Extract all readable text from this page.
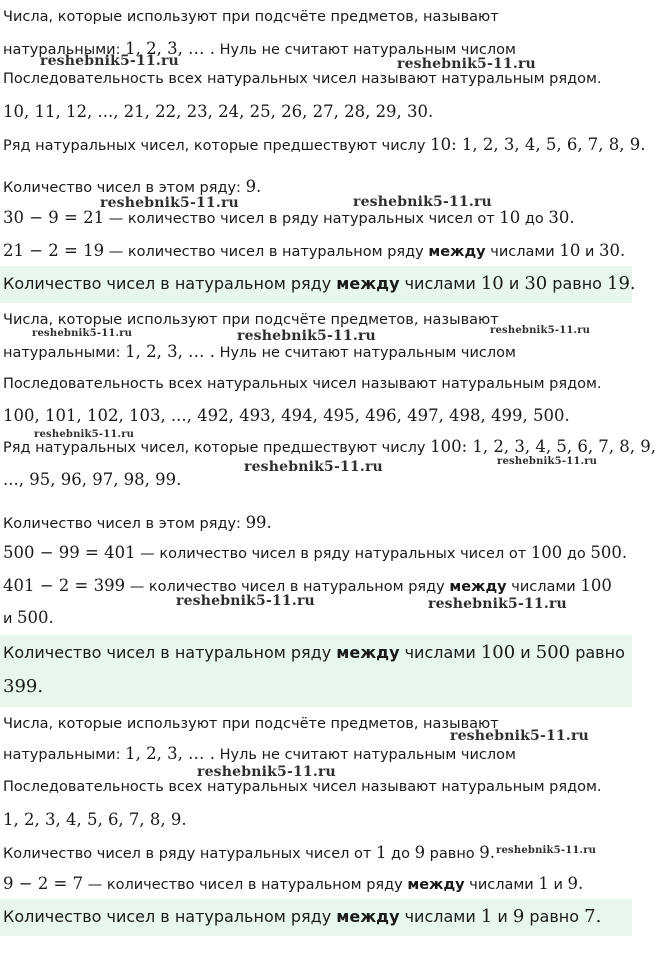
Числа, которые используют при подсчёте предметов, называют
натуральными: 1, 2, 3, … . Нуль не считают натуральным числом
Последовательность всех натуральных чисел называют натуральным рядом.
10, 11, 12, ..., 21, 22, 23, 24, 25, 26, 27, 28, 29, 30.
Ряд натуральных чисел, которые предшествуют числу 10: 1, 2, 3, 4, 5, 6, 7, 8, 9.
Количество чисел в этом ряду: 9.
30 − 9 = 21 — количество чисел в ряду натуральных чисел от 10 до 30.
21 − 2 = 19 — количество чисел в натуральном ряду между числами 10 и 30.
Количество чисел в натуральном ряду между числами 10 и 30 равно 19.
Числа, которые используют при подсчёте предметов, называют
натуральными: 1, 2, 3, … . Нуль не считают натуральным числом
Последовательность всех натуральных чисел называют натуральным рядом.
100, 101, 102, 103, ..., 492, 493, 494, 495, 496, 497, 498, 499, 500.
Ряд натуральных чисел, которые предшествуют числу 100: 1, 2, 3, 4, 5, 6, 7, 8, 9,
..., 95, 96, 97, 98, 99.
Количество чисел в этом ряду: 99.
500 − 99 = 401 — количество чисел в ряду натуральных чисел от 100 до 500.
401 − 2 = 399 — количество чисел в натуральном ряду между числами 100
и 500.
Количество чисел в натуральном ряду между числами 100 и 500 равно
399.
Числа, которые используют при подсчёте предметов, называют
натуральными: 1, 2, 3, … . Нуль не считают натуральным числом
Последовательность всех натуральных чисел называют натуральным рядом.
1, 2, 3, 4, 5, 6, 7, 8, 9.
Количество чисел в ряду натуральных чисел от 1 до 9 равно 9.
9 − 2 = 7 — количество чисел в натуральном ряду между числами 1 и 9.
Количество чисел в натуральном ряду между числами 1 и 9 равно 7.
reshebnik5-11.ru	reshebnik5-11.ru
reshebnik5-11.ru	reshebnik5-11.ru
reshebnik5-11.ru	reshebnik5-11.ru	reshebnik5-11.ru
reshebnik5-11.ru
reshebnik5-11.ru	reshebnik5-11.ru
reshebnik5-11.ru	reshebnik5-11.ru
reshebnik5-11.ru
reshebnik5-11.ru
reshebnik5-11.ru
